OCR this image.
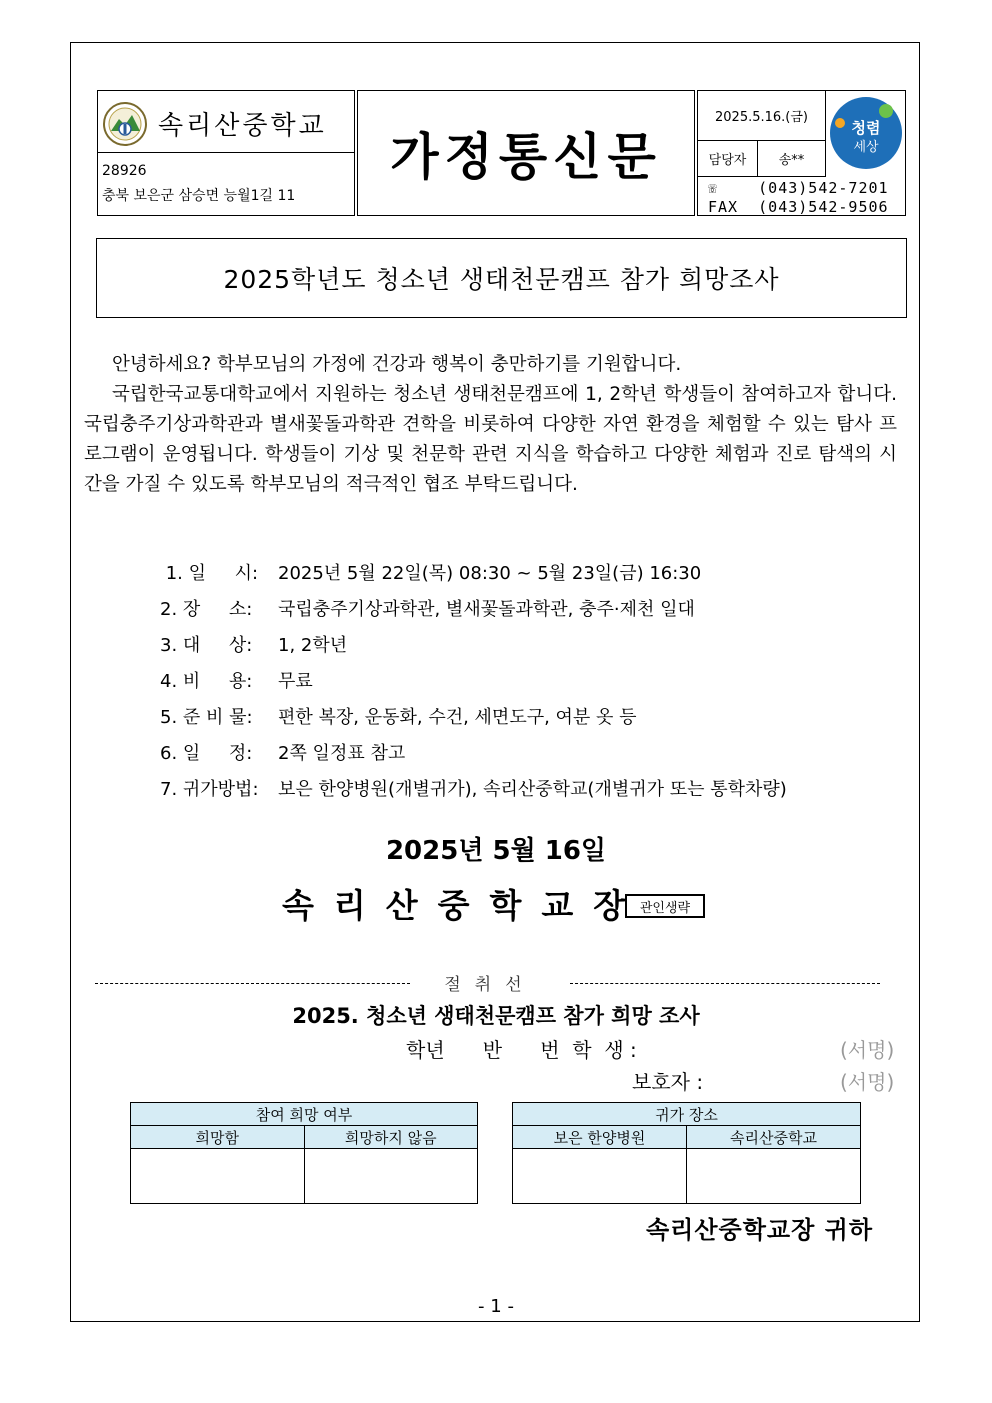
속리산중학교
28926
충북 보은군 삼승면 능월1길 11
가정통신문
2025.5.16.(금)
담당자 송**
청렴
세상
☏	(043)542-7201
FAX (043)542-9506
2025학년도 청소년 생태천문캠프 참가 희망조사

안녕하세요? 학부모님의 가정에 건강과 행복이 충만하기를 기원합니다.

국립한국교통대학교에서 지원하는 청소년 생태천문캠프에 1, 2학년 학생들이 참여하고자 합니다. 국립충주기상과학관과 별새꽃돌과학관 견학을 비롯하여 다양한 자연 환경을 체험할 수 있는 탐사 프로그램이 운영됩니다. 학생들이 기상 및 천문학 관련 지식을 학습하고 다양한 체험과 진로 탐색의 시간을 가질 수 있도록 학부모님의 적극적인 협조 부탁드립니다.

1. 일     시: 2025년 5월 22일(목) 08:30 ~ 5월 23일(금) 16:30
2. 장     소: 국립충주기상과학관, 별새꽃돌과학관, 충주·제천 일대
3. 대     상: 1, 2학년
4. 비     용: 무료
5. 준 비 물: 편한 복장, 운동화, 수건, 세면도구, 여분 옷 등
6. 일     정: 2쪽 일정표 참고
7. 귀가방법: 보은 한양병원(개별귀가), 속리산중학교(개별귀가 또는 통학차량)
2025년 5월 16일
속리산중학교장
관인생략
절취선
2025. 청소년 생태천문캠프 참가 희망 조사
학년      반      번  학  생 :	(서명)
보호자 :	(서명)
참여 희망 여부	
희망함	희망하지 않음

귀가 장소	
보은 한양병원	속리산중학교

속리산중학교장 귀하
- 1 -
